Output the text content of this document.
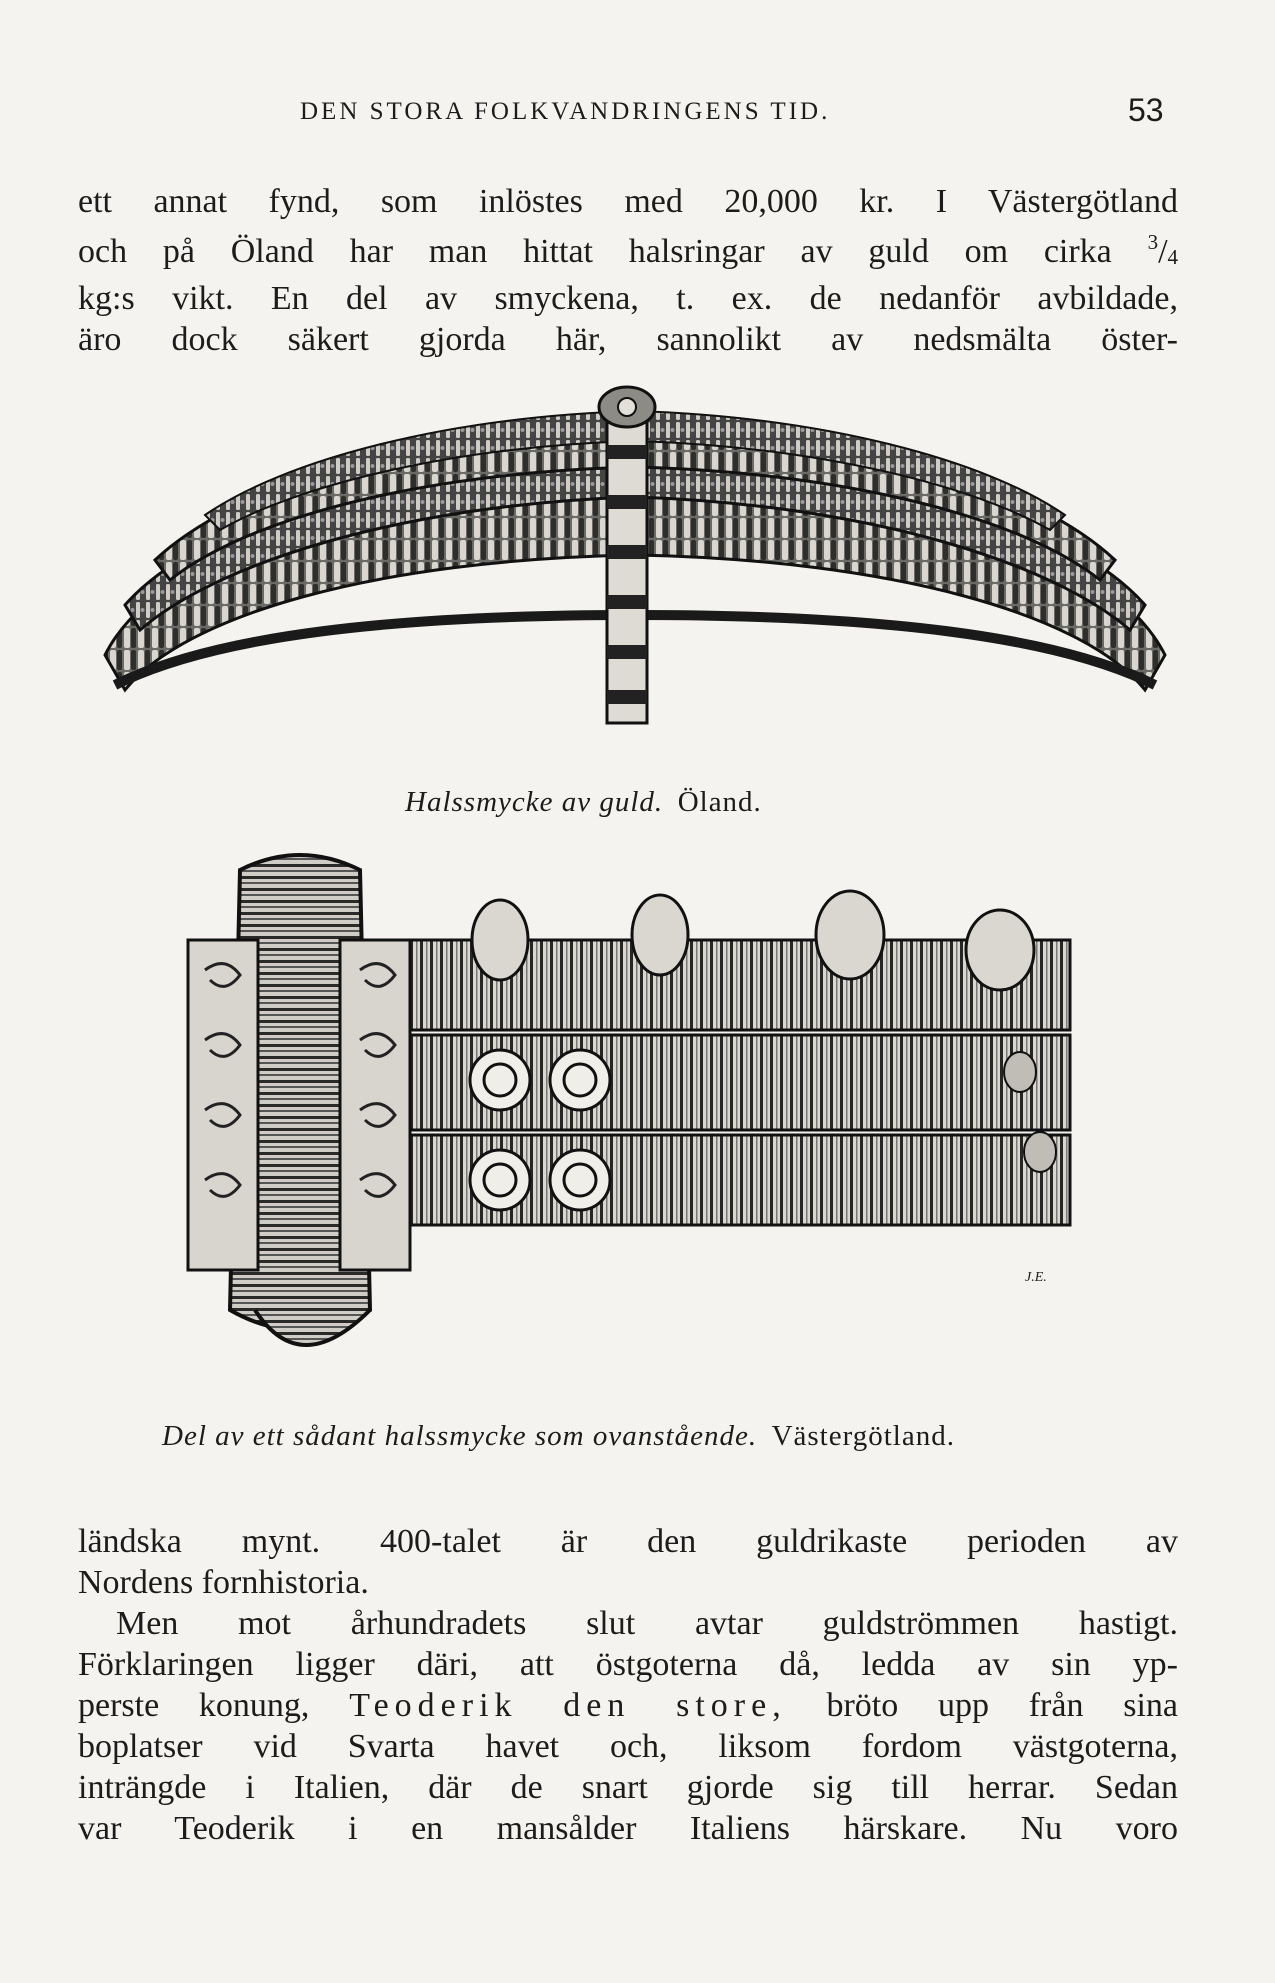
DEN STORA FOLKVANDRINGENS TID.	53
ett annat fynd, som inlöstes med 20,000 kr. I Västergötland
och på Öland har man hittat halsringar av guld om cirka $^3$/4
kg:s vikt. En del av smyckena, t. ex. de nedanför avbildade,
äro dock säkert gjorda här, sannolikt av nedsmälta öster-
Halssmycke av guld. Öland.
J.E.
Del av ett sådant halssmycke som ovanstående. Västergötland.
ländska mynt. 400-talet är den guldrikaste perioden av
Nordens fornhistoria.
Men mot århundradets slut avtar guldströmmen hastigt.
Förklaringen ligger däri, att östgoterna då, ledda av sin yp-
perste konung, Teoderik den store, bröto upp från sina
boplatser vid Svarta havet och, liksom fordom västgoterna,
inträngde i Italien, där de snart gjorde sig till herrar. Sedan
var Teoderik i en mansålder Italiens härskare. Nu voro
